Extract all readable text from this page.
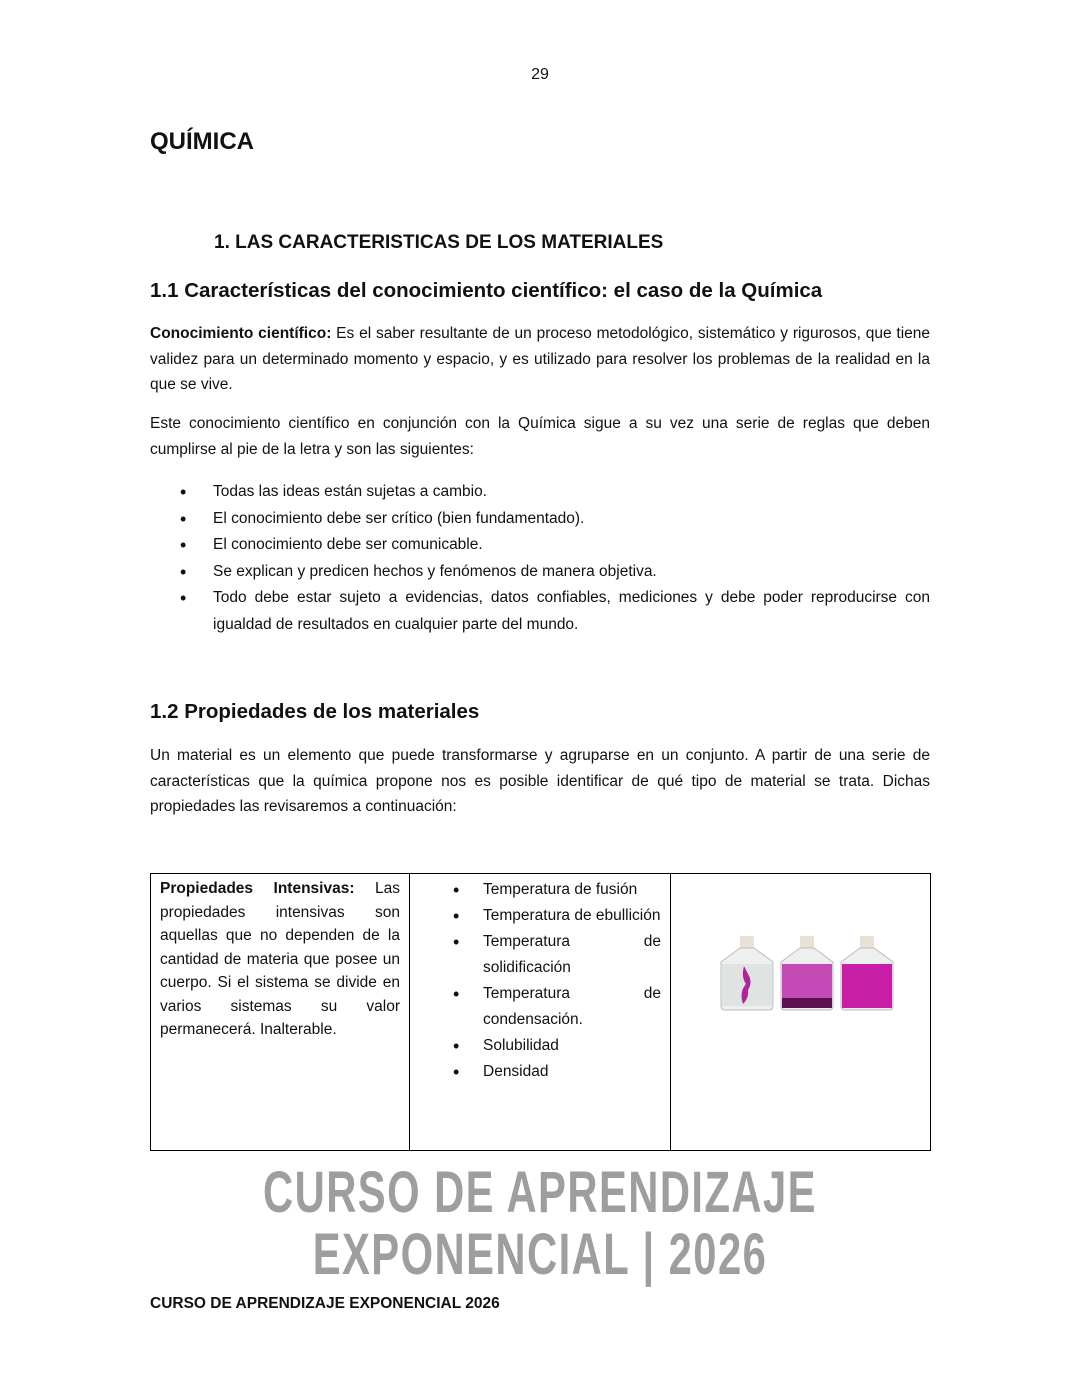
29
QUÍMICA
1. LAS CARACTERISTICAS DE LOS MATERIALES
1.1 Características del conocimiento científico: el caso de la Química
Conocimiento científico: Es el saber resultante de un proceso metodológico, sistemático y rigurosos, que tiene validez para un determinado momento y espacio, y es utilizado para resolver los problemas de la realidad en la que se vive.
Este conocimiento científico en conjunción con la Química sigue a su vez una serie de reglas que deben cumplirse al pie de la letra y son las siguientes:
• Todas las ideas están sujetas a cambio.
• El conocimiento debe ser crítico (bien fundamentado).
• El conocimiento debe ser comunicable.
• Se explican y predicen hechos y fenómenos de manera objetiva.
• Todo debe estar sujeto a evidencias, datos confiables, mediciones y debe poder reproducirse con igualdad de resultados en cualquier parte del mundo.
1.2 Propiedades de los materiales
Un material es un elemento que puede transformarse y agruparse en un conjunto. A partir de una serie de características que la química propone nos es posible identificar de qué tipo de material se trata. Dichas propiedades las revisaremos a continuación:
Propiedades Intensivas: Las propiedades intensivas son aquellas que no dependen de la cantidad de materia que posee un cuerpo. Si el sistema se divide en varios sistemas su valor permanecerá. Inalterable.	
• Temperatura de fusión
• Temperatura de ebullición
• Temperatura de solidificación
• Temperatura de condensación.
• Solubilidad
• Densidad

CURSO DE APRENDIZAJE
EXPONENCIAL | 2026
CURSO DE APRENDIZAJE EXPONENCIAL 2026
